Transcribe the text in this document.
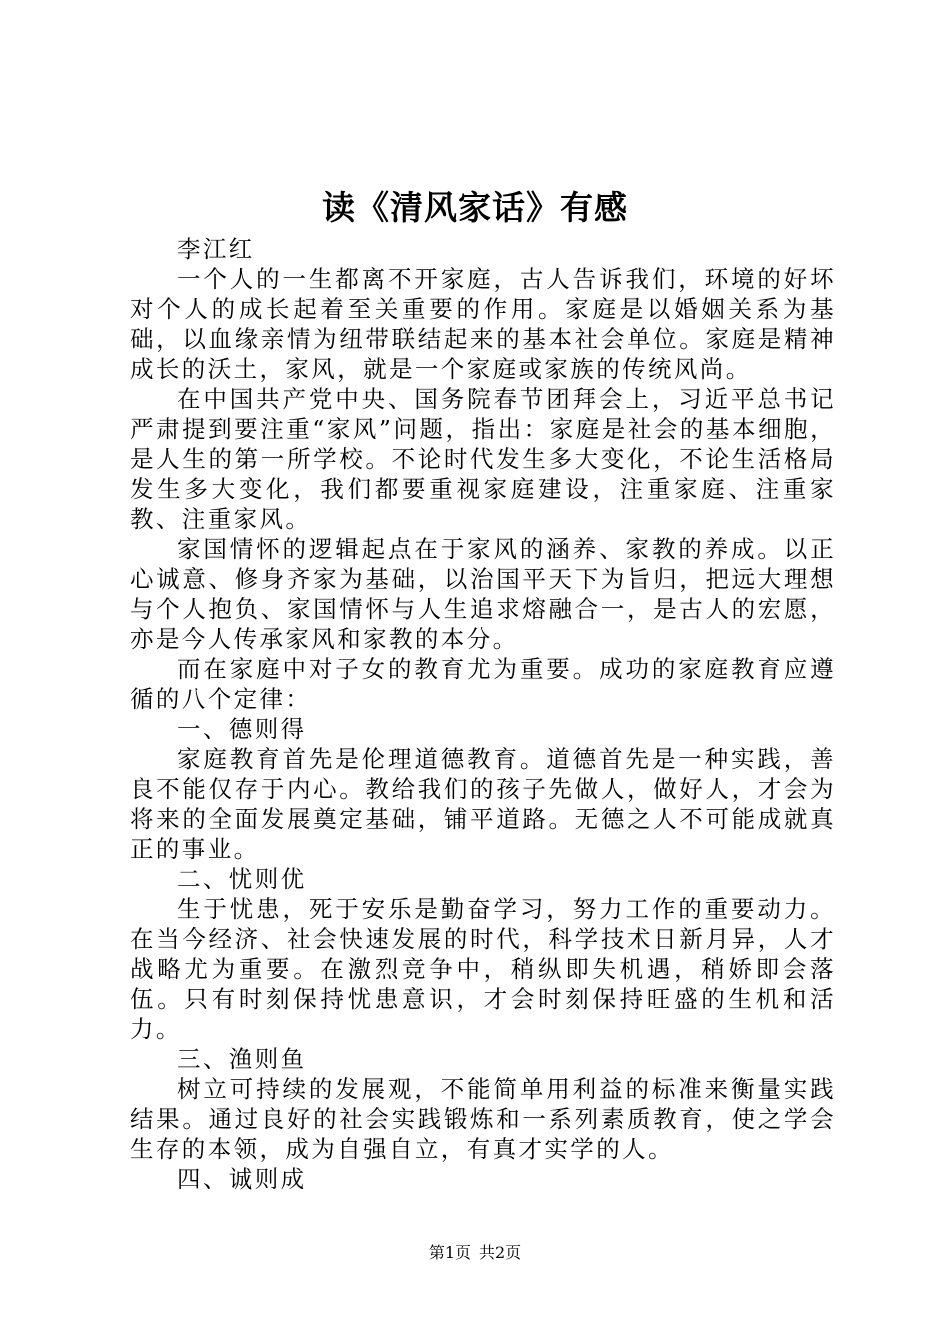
读《清风家话》有感

李江红

一个人的一生都离不开家庭，古人告诉我们，环境的好坏对个人的成长起着至关重要的作用。家庭是以婚姻关系为基础，以血缘亲情为纽带联结起来的基本社会单位。家庭是精神成长的沃土，家风，就是一个家庭或家族的传统风尚。

在中国共产党中央、国务院春节团拜会上，习近平总书记严肃提到要注重“家风”问题，指出：家庭是社会的基本细胞，是人生的第一所学校。不论时代发生多大变化，不论生活格局发生多大变化，我们都要重视家庭建设，注重家庭、注重家教、注重家风。

家国情怀的逻辑起点在于家风的涵养、家教的养成。以正心诚意、修身齐家为基础，以治国平天下为旨归，把远大理想与个人抱负、家国情怀与人生追求熔融合一，是古人的宏愿，亦是今人传承家风和家教的本分。

而在家庭中对子女的教育尤为重要。成功的家庭教育应遵循的八个定律：

一、德则得

家庭教育首先是伦理道德教育。道德首先是一种实践，善良不能仅存于内心。教给我们的孩子先做人，做好人，才会为将来的全面发展奠定基础，铺平道路。无德之人不可能成就真正的事业。

二、忧则优

生于忧患，死于安乐是勤奋学习，努力工作的重要动力。在当今经济、社会快速发展的时代，科学技术日新月异，人才战略尤为重要。在激烈竞争中，稍纵即失机遇，稍娇即会落伍。只有时刻保持忧患意识，才会时刻保持旺盛的生机和活力。

三、渔则鱼

树立可持续的发展观，不能简单用利益的标准来衡量实践结果。通过良好的社会实践锻炼和一系列素质教育，使之学会生存的本领，成为自强自立，有真才实学的人。

四、诚则成

第1页 共2页
